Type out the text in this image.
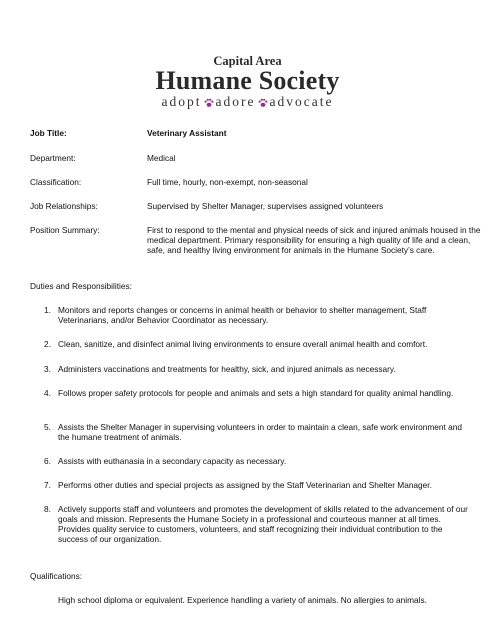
Capital Area
Humane Society
adopt adore advocate
Job Title:	Veterinary Assistant
Department:	Medical
Classification:	Full time, hourly, non-exempt, non-seasonal
Job Relationships:	Supervised by Shelter Manager, supervises assigned volunteers
Position Summary:	First to respond to the mental and physical needs of sick and injured animals housed in the medical department. Primary responsibility for ensuring a high quality of life and a clean, safe, and healthy living environment for animals in the Humane Society’s care.
Duties and Responsibilities:
1. Monitors and reports changes or concerns in animal health or behavior to shelter management, Staff Veterinarians, and/or Behavior Coordinator as necessary.
2. Clean, sanitize, and disinfect animal living environments to ensure overall animal health and comfort.
3. Administers vaccinations and treatments for healthy, sick, and injured animals as necessary.
4. Follows proper safety protocols for people and animals and sets a high standard for quality animal handling.
5. Assists the Shelter Manager in supervising volunteers in order to maintain a clean, safe work environment and the humane treatment of animals.
6. Assists with euthanasia in a secondary capacity as necessary.
7. Performs other duties and special projects as assigned by the Staff Veterinarian and Shelter Manager.
8. Actively supports staff and volunteers and promotes the development of skills related to the advancement of our goals and mission. Represents the Humane Society in a professional and courteous manner at all times. Provides quality service to customers, volunteers, and staff recognizing their individual contribution to the success of our organization.
Qualifications:
High school diploma or equivalent. Experience handling a variety of animals. No allergies to animals.
